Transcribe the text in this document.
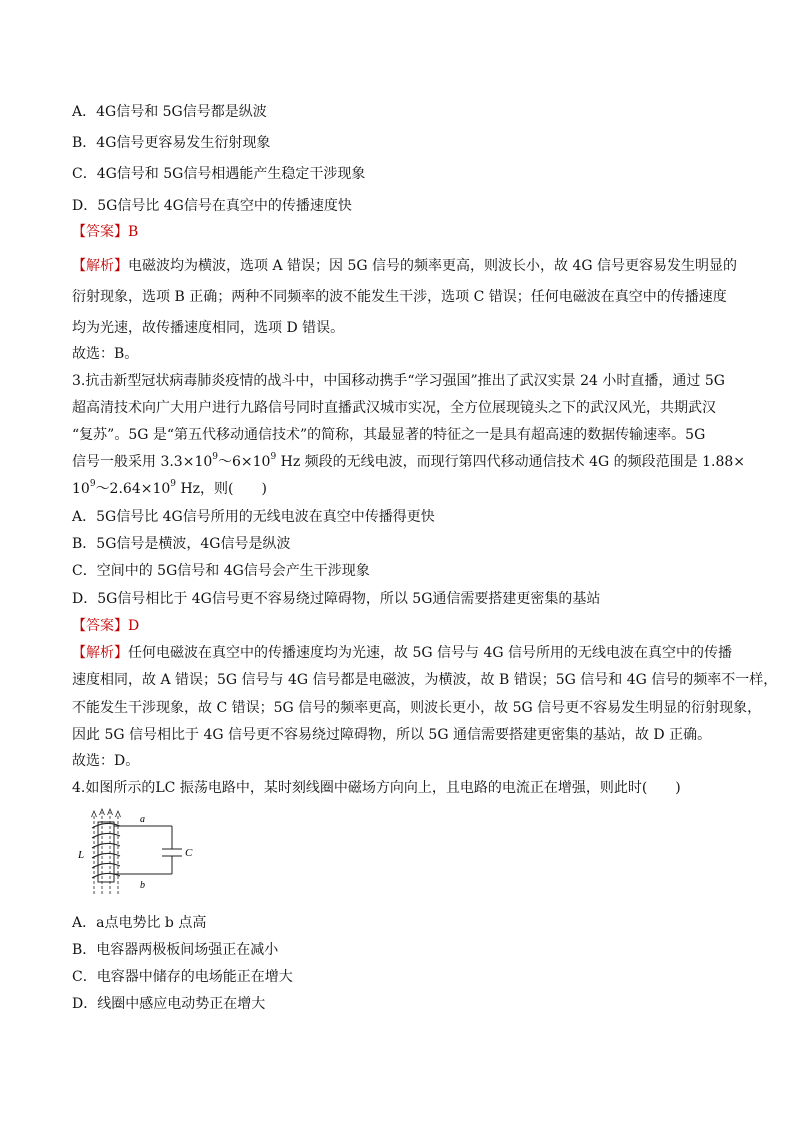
A．4G信号和 5G信号都是纵波
B．4G信号更容易发生衍射现象
C．4G信号和 5G信号相遇能产生稳定干涉现象
D．5G信号比 4G信号在真空中的传播速度快
【答案】B
【解析】电磁波均为横波，选项 A 错误；因 5G 信号的频率更高，则波长小，故 4G 信号更容易发生明显的
衍射现象，选项 B 正确；两种不同频率的波不能发生干涉，选项 C 错误；任何电磁波在真空中的传播速度
均为光速，故传播速度相同，选项 D 错误。
故选：B。
3.抗击新型冠状病毒肺炎疫情的战斗中，中国移动携手“学习强国”推出了武汉实景 24 小时直播，通过 5G
超高清技术向广大用户进行九路信号同时直播武汉城市实况，全方位展现镜头之下的武汉风光，共期武汉
“复苏”。5G 是“第五代移动通信技术”的简称，其最显著的特征之一是具有超高速的数据传输速率。5G
信号一般采用 $3.3\times 10^9\sim 6\times 10^9$ Hz 频段的无线电波，而现行第四代移动通信技术 4G 的频段范围是 1.88×
$10^9\sim 2.64\times 10^9$ Hz，则(　　)
A．5G信号比 4G信号所用的无线电波在真空中传播得更快
B．5G信号是横波，4G信号是纵波
C．空间中的 5G信号和 4G信号会产生干涉现象
D．5G信号相比于 4G信号更不容易绕过障碍物，所以 5G通信需要搭建更密集的基站
【答案】D
【解析】任何电磁波在真空中的传播速度均为光速，故 5G 信号与 4G 信号所用的无线电波在真空中的传播
速度相同，故 A 错误；5G 信号与 4G 信号都是电磁波，为横波，故 B 错误；5G 信号和 4G 信号的频率不一样，
不能发生干涉现象，故 C 错误；5G 信号的频率更高，则波长更小，故 5G 信号更不容易发生明显的衍射现象，
因此 5G 信号相比于 4G 信号更不容易绕过障碍物，所以 5G 通信需要搭建更密集的基站，故 D 正确。
故选：D。
4.如图所示的LC 振荡电路中，某时刻线圈中磁场方向向上，且电路的电流正在增强，则此时(　　)
a
b
L	C
A．a点电势比 b 点高
B．电容器两极板间场强正在减小
C．电容器中储存的电场能正在增大
D．线圈中感应电动势正在增大
